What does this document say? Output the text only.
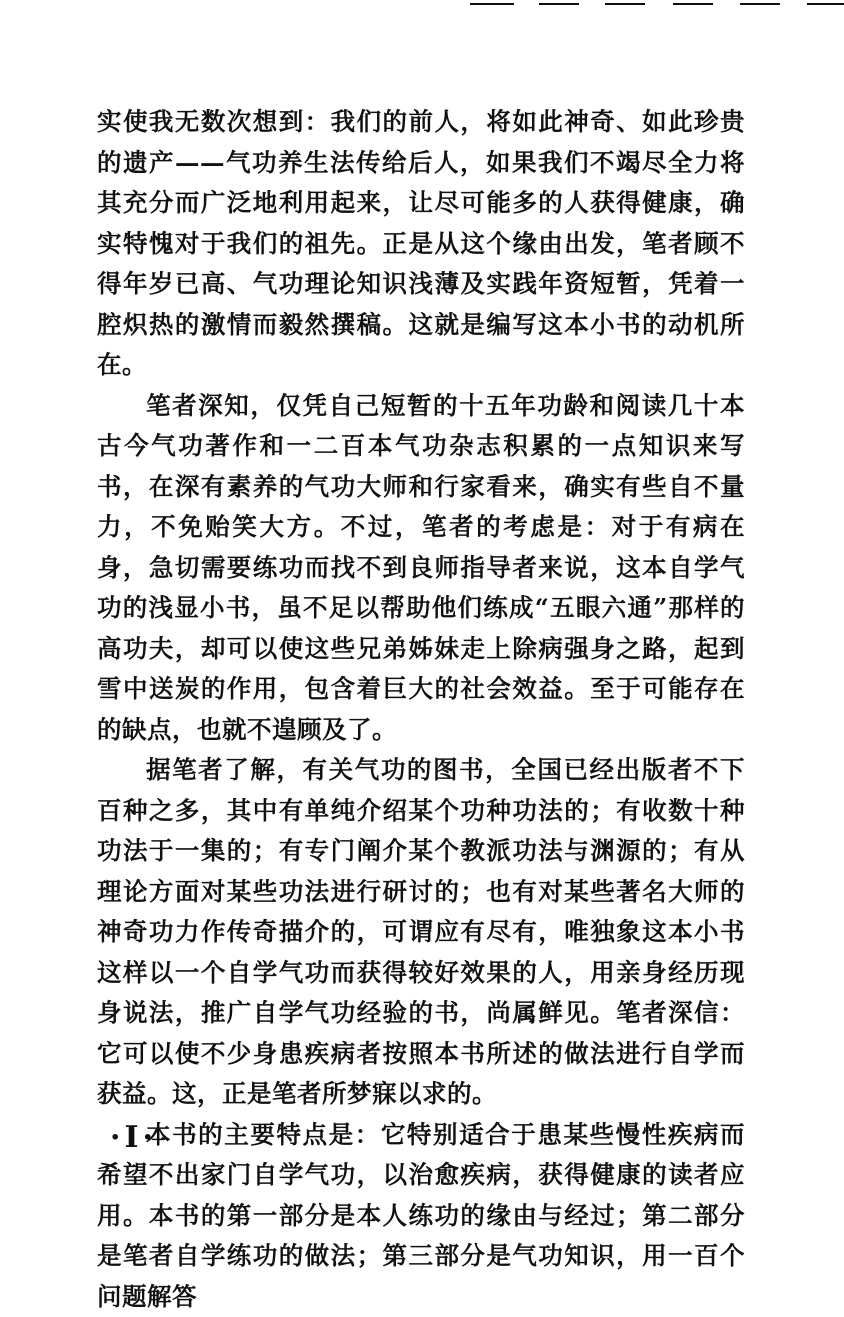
实使我无数次想到：我们的前人，将如此神奇、如此珍贵的遗产——气功养生法传给后人，如果我们不竭尽全力将其充分而广泛地利用起来，让尽可能多的人获得健康，确实特愧对于我们的祖先。正是从这个缘由出发，笔者顾不得年岁已高、气功理论知识浅薄及实践年资短暂，凭着一腔炽热的激情而毅然撰稿。这就是编写这本小书的动机所在。

笔者深知，仅凭自己短暂的十五年功龄和阅读几十本古今气功著作和一二百本气功杂志积累的一点知识来写书，在深有素养的气功大师和行家看来，确实有些自不量力，不免贻笑大方。不过，笔者的考虑是：对于有病在身，急切需要练功而找不到良师指导者来说，这本自学气功的浅显小书，虽不足以帮助他们练成“五眼六通”那样的高功夫，却可以使这些兄弟姊妹走上除病强身之路，起到雪中送炭的作用，包含着巨大的社会效益。至于可能存在的缺点，也就不遑顾及了。

据笔者了解，有关气功的图书，全国已经出版者不下百种之多，其中有单纯介绍某个功种功法的；有收数十种功法于一集的；有专门阐介某个教派功法与渊源的；有从理论方面对某些功法进行研讨的；也有对某些著名大师的神奇功力作传奇描介的，可谓应有尽有，唯独象这本小书这样以一个自学气功而获得较好效果的人，用亲身经历现身说法，推广自学气功经验的书，尚属鲜见。笔者深信：它可以使不少身患疾病者按照本书所述的做法进行自学而获益。这，正是笔者所梦寐以求的。

本书的主要特点是：它特别适合于患某些慢性疾病而希望不出家门自学气功，以治愈疾病，获得健康的读者应用。本书的第一部分是本人练功的缘由与经过；第二部分是笔者自学练功的做法；第三部分是气功知识，用一百个问题解答

·I·
